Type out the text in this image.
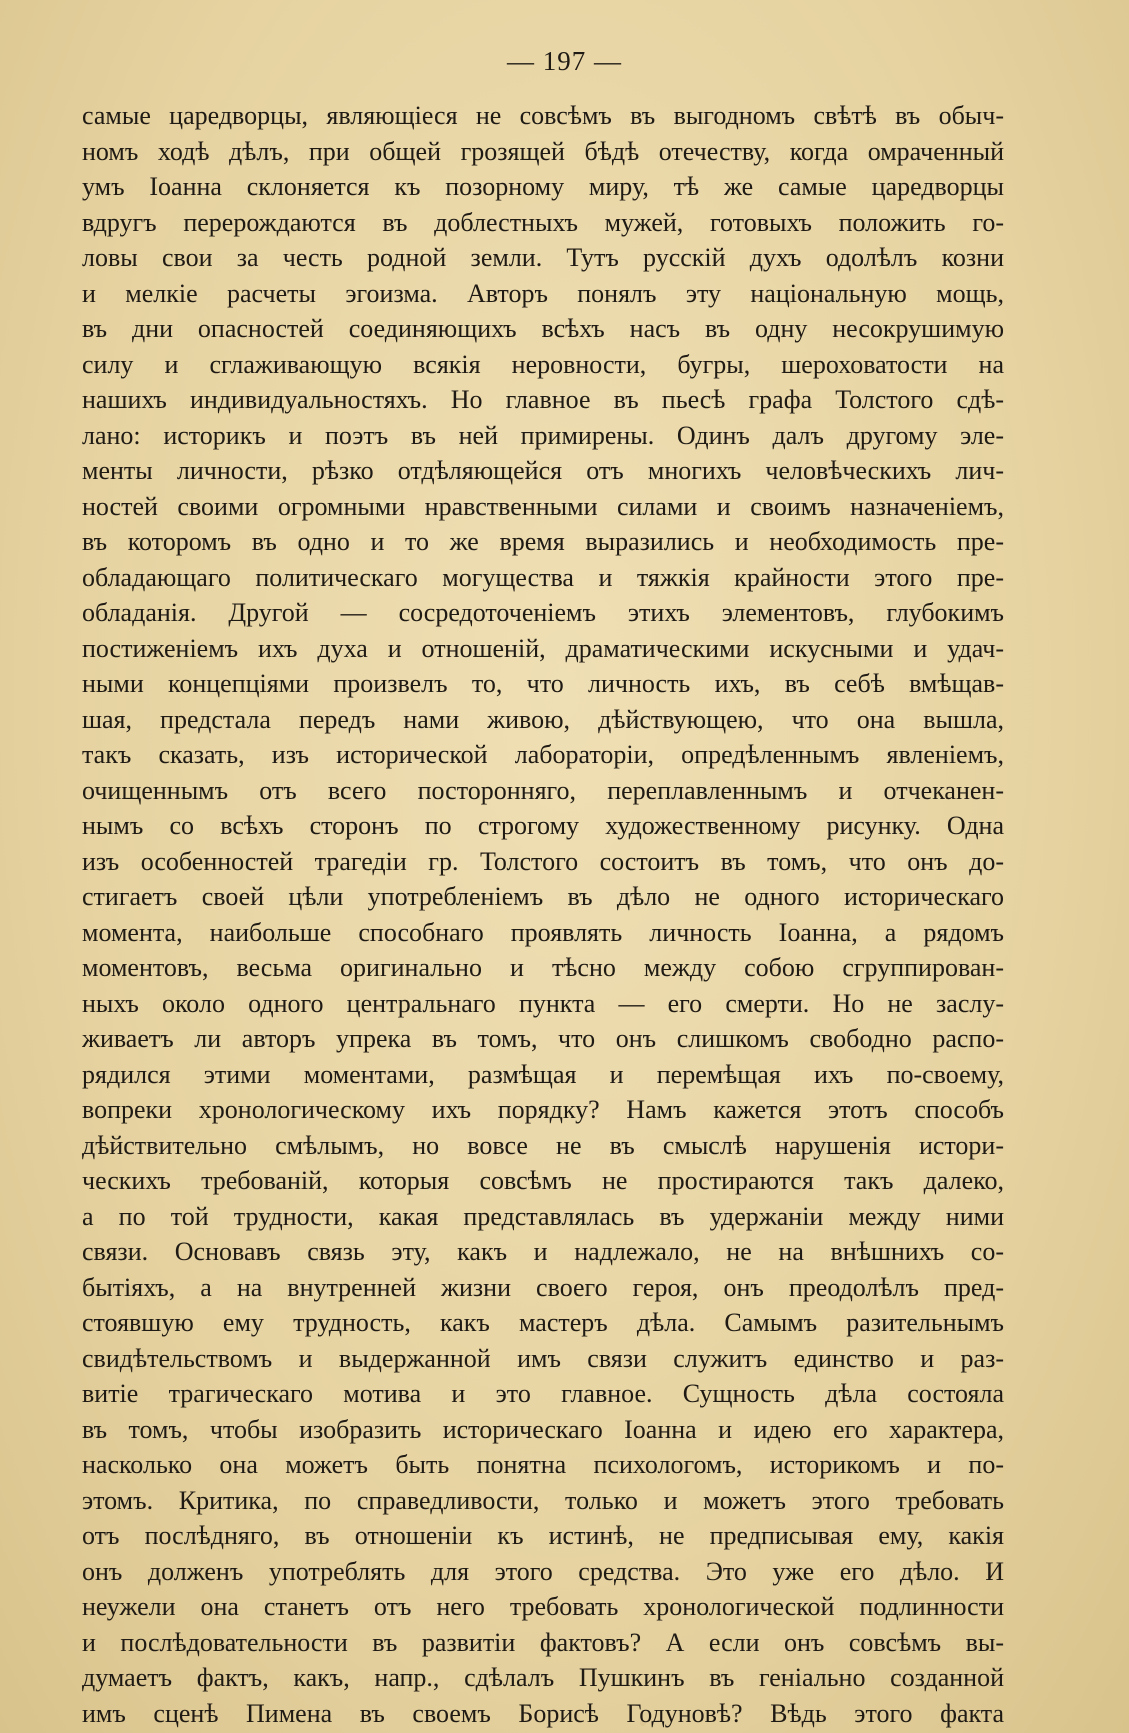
— 197 —
самые царедворцы, являющіеся не совсѣмъ въ выгодномъ свѣтѣ въ обыч-
номъ ходѣ дѣлъ, при общей грозящей бѣдѣ отечеству, когда омраченный
умъ Іоанна склоняется къ позорному миру, тѣ же самые царедворцы
вдругъ перерождаются въ доблестныхъ мужей, готовыхъ положить го-
ловы свои за честь родной земли. Тутъ русскій духъ одолѣлъ козни
и мелкіе расчеты эгоизма. Авторъ понялъ эту національную мощь,
въ дни опасностей соединяющихъ всѣхъ насъ въ одну несокрушимую
силу и сглаживающую всякія неровности, бугры, шероховатости на
нашихъ индивидуальностяхъ. Но главное въ пьесѣ графа Толстого сдѣ-
лано: историкъ и поэтъ въ ней примирены. Одинъ далъ другому эле-
менты личности, рѣзко отдѣляющейся отъ многихъ человѣческихъ лич-
ностей своими огромными нравственными силами и своимъ назначеніемъ,
въ которомъ въ одно и то же время выразились и необходимость пре-
обладающаго политическаго могущества и тяжкія крайности этого пре-
обладанія. Другой — сосредоточеніемъ этихъ элементовъ, глубокимъ
постиженіемъ ихъ духа и отношеній, драматическими искусными и удач-
ными концепціями произвелъ то, что личность ихъ, въ себѣ вмѣщав-
шая, предстала передъ нами живою, дѣйствующею, что она вышла,
такъ сказать, изъ исторической лабораторіи, опредѣленнымъ явленіемъ,
очищеннымъ отъ всего посторонняго, переплавленнымъ и отчеканен-
нымъ со всѣхъ сторонъ по строгому художественному рисунку. Одна
изъ особенностей трагедіи гр. Толстого состоитъ въ томъ, что онъ до-
стигаетъ своей цѣли употребленіемъ въ дѣло не одного историческаго
момента, наибольше способнаго проявлять личность Іоанна, а рядомъ
моментовъ, весьма оригинально и тѣсно между собою сгруппирован-
ныхъ около одного центральнаго пункта — его смерти. Но не заслу-
живаетъ ли авторъ упрека въ томъ, что онъ слишкомъ свободно распо-
рядился этими моментами, размѣщая и перемѣщая ихъ по-своему,
вопреки хронологическому ихъ порядку? Намъ кажется этотъ способъ
дѣйствительно смѣлымъ, но вовсе не въ смыслѣ нарушенія истори-
ческихъ требованій, которыя совсѣмъ не простираются такъ далеко,
а по той трудности, какая представлялась въ удержаніи между ними
связи. Основавъ связь эту, какъ и надлежало, не на внѣшнихъ со-
бытіяхъ, а на внутренней жизни своего героя, онъ преодолѣлъ пред-
стоявшую ему трудность, какъ мастеръ дѣла. Самымъ разительнымъ
свидѣтельствомъ и выдержанной имъ связи служитъ единство и раз-
витіе трагическаго мотива и это главное. Сущность дѣла состояла
въ томъ, чтобы изобразить историческаго Іоанна и идею его характера,
насколько она можетъ быть понятна психологомъ, историкомъ и по-
этомъ. Критика, по справедливости, только и можетъ этого требовать
отъ послѣдняго, въ отношеніи къ истинѣ, не предписывая ему, какія
онъ долженъ употреблять для этого средства. Это уже его дѣло. И
неужели она станетъ отъ него требовать хронологической подлинности
и послѣдовательности въ развитіи фактовъ? А если онъ совсѣмъ вы-
думаетъ фактъ, какъ, напр., сдѣлалъ Пушкинъ въ геніально созданной
имъ сценѣ Пимена въ своемъ Борисѣ Годуновѣ? Вѣдь этого факта
